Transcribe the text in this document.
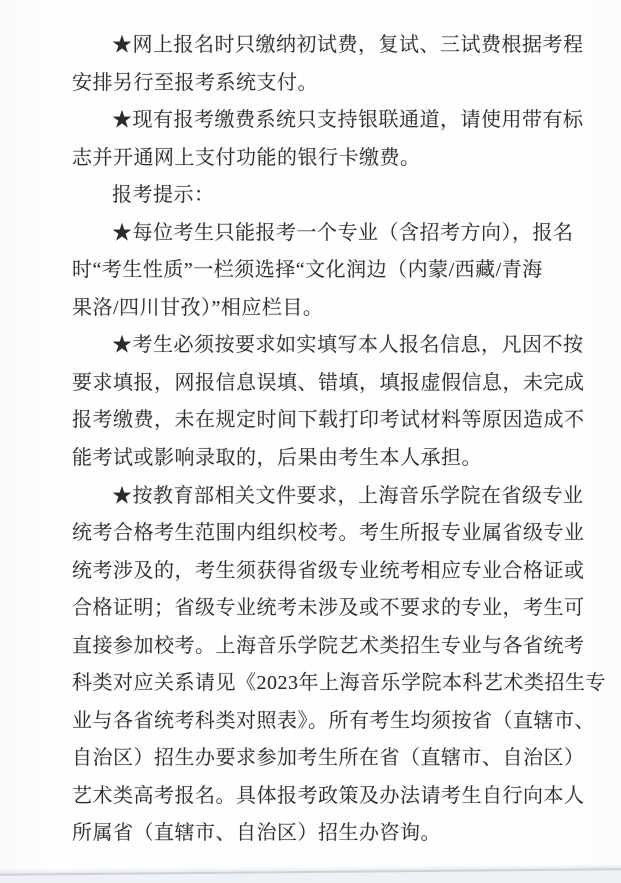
★网上报名时只缴纳初试费，复试、三试费根据考程
安排另行至报考系统支付。
★现有报考缴费系统只支持银联通道，请使用带有标
志并开通网上支付功能的银行卡缴费。
报考提示：
★每位考生只能报考一个专业（含招考方向），报名
时“考生性质”一栏须选择“文化润边（内蒙/西藏/青海
果洛/四川甘孜）”相应栏目。
★考生必须按要求如实填写本人报名信息，凡因不按
要求填报，网报信息误填、错填，填报虚假信息，未完成
报考缴费，未在规定时间下载打印考试材料等原因造成不
能考试或影响录取的，后果由考生本人承担。
★按教育部相关文件要求，上海音乐学院在省级专业
统考合格考生范围内组织校考。考生所报专业属省级专业
统考涉及的，考生须获得省级专业统考相应专业合格证或
合格证明；省级专业统考未涉及或不要求的专业，考生可
直接参加校考。上海音乐学院艺术类招生专业与各省统考
科类对应关系请见《2023年上海音乐学院本科艺术类招生专
业与各省统考科类对照表》。所有考生均须按省（直辖市、
自治区）招生办要求参加考生所在省（直辖市、自治区）
艺术类高考报名。具体报考政策及办法请考生自行向本人
所属省（直辖市、自治区）招生办咨询。
